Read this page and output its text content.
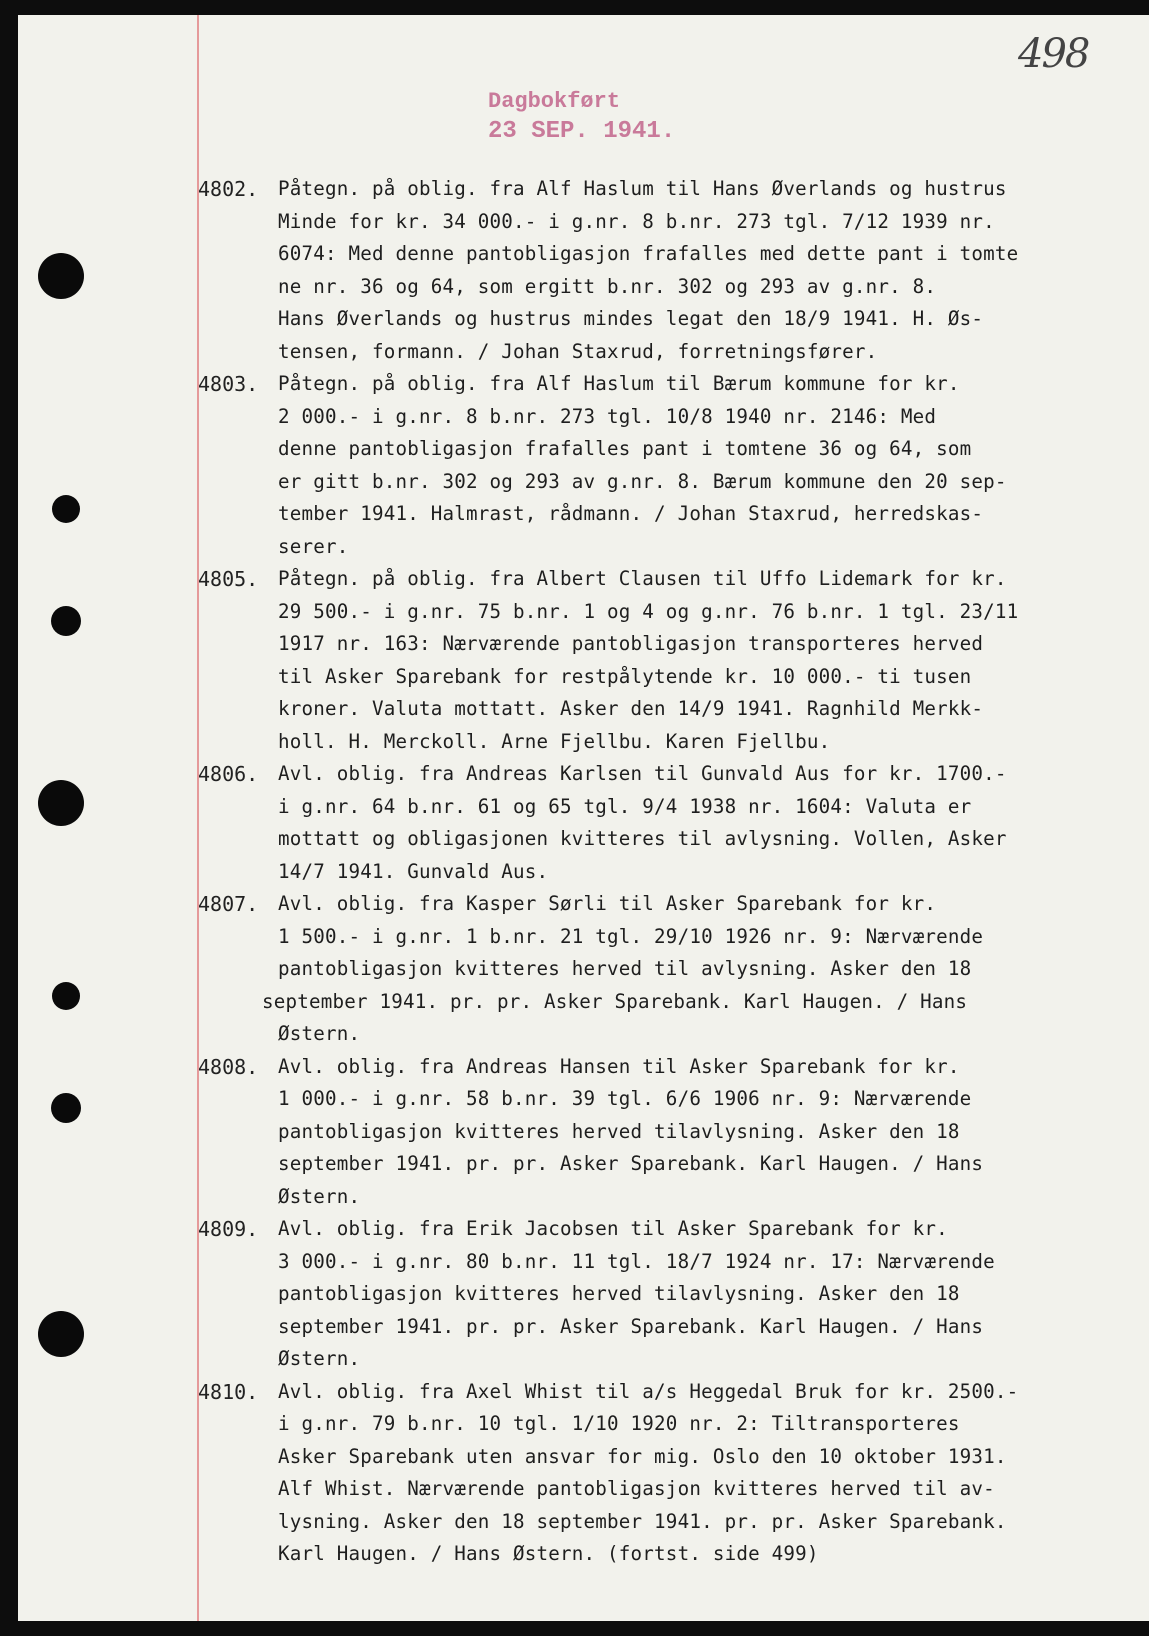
498
Dagbokført
23 SEP. 1941.
4802.	Påtegn. på oblig. fra Alf Haslum til Hans Øverlands og hustrus
Minde for kr. 34 000.- i g.nr. 8 b.nr. 273 tgl. 7/12 1939 nr.
6074: Med denne pantobligasjon frafalles med dette pant i tomte
ne nr. 36 og 64, som ergitt b.nr. 302 og 293 av g.nr. 8.
Hans Øverlands og hustrus mindes legat den 18/9 1941. H. Øs-
tensen, formann. / Johan Staxrud, forretningsfører.
4803.	Påtegn. på oblig. fra Alf Haslum til Bærum kommune for kr.
2 000.- i g.nr. 8 b.nr. 273 tgl. 10/8 1940 nr. 2146: Med
denne pantobligasjon frafalles pant i tomtene 36 og 64, som
er gitt b.nr. 302 og 293 av g.nr. 8. Bærum kommune den 20 sep-
tember 1941. Halmrast, rådmann. / Johan Staxrud, herredskas-
serer.
4805.	Påtegn. på oblig. fra Albert Clausen til Uffo Lidemark for kr.
29 500.- i g.nr. 75 b.nr. 1 og 4 og g.nr. 76 b.nr. 1 tgl. 23/11
1917 nr. 163: Nærværende pantobligasjon transporteres herved
til Asker Sparebank for restpålytende kr. 10 000.- ti tusen
kroner. Valuta mottatt. Asker den 14/9 1941. Ragnhild Merkk-
holl. H. Merckoll. Arne Fjellbu. Karen Fjellbu.
4806.	Avl. oblig. fra Andreas Karlsen til Gunvald Aus for kr. 1700.-
i g.nr. 64 b.nr. 61 og 65 tgl. 9/4 1938 nr. 1604: Valuta er
mottatt og obligasjonen kvitteres til avlysning. Vollen, Asker
14/7 1941. Gunvald Aus.
4807.	Avl. oblig. fra Kasper Sørli til Asker Sparebank for kr.
1 500.- i g.nr. 1 b.nr. 21 tgl. 29/10 1926 nr. 9: Nærværende
pantobligasjon kvitteres herved til avlysning. Asker den 18
september 1941. pr. pr. Asker Sparebank. Karl Haugen. / Hans
Østern.
4808.	Avl. oblig. fra Andreas Hansen til Asker Sparebank for kr.
1 000.- i g.nr. 58 b.nr. 39 tgl. 6/6 1906 nr. 9: Nærværende
pantobligasjon kvitteres herved tilavlysning. Asker den 18
september 1941. pr. pr. Asker Sparebank. Karl Haugen. / Hans
Østern.
4809.	Avl. oblig. fra Erik Jacobsen til Asker Sparebank for kr.
3 000.- i g.nr. 80 b.nr. 11 tgl. 18/7 1924 nr. 17: Nærværende
pantobligasjon kvitteres herved tilavlysning. Asker den 18
september 1941. pr. pr. Asker Sparebank. Karl Haugen. / Hans
Østern.
4810.	Avl. oblig. fra Axel Whist til a/s Heggedal Bruk for kr. 2500.-
i g.nr. 79 b.nr. 10 tgl. 1/10 1920 nr. 2: Tiltransporteres
Asker Sparebank uten ansvar for mig. Oslo den 10 oktober 1931.
Alf Whist. Nærværende pantobligasjon kvitteres herved til av-
lysning. Asker den 18 september 1941. pr. pr. Asker Sparebank.
Karl Haugen. / Hans Østern. (fortst. side 499)
